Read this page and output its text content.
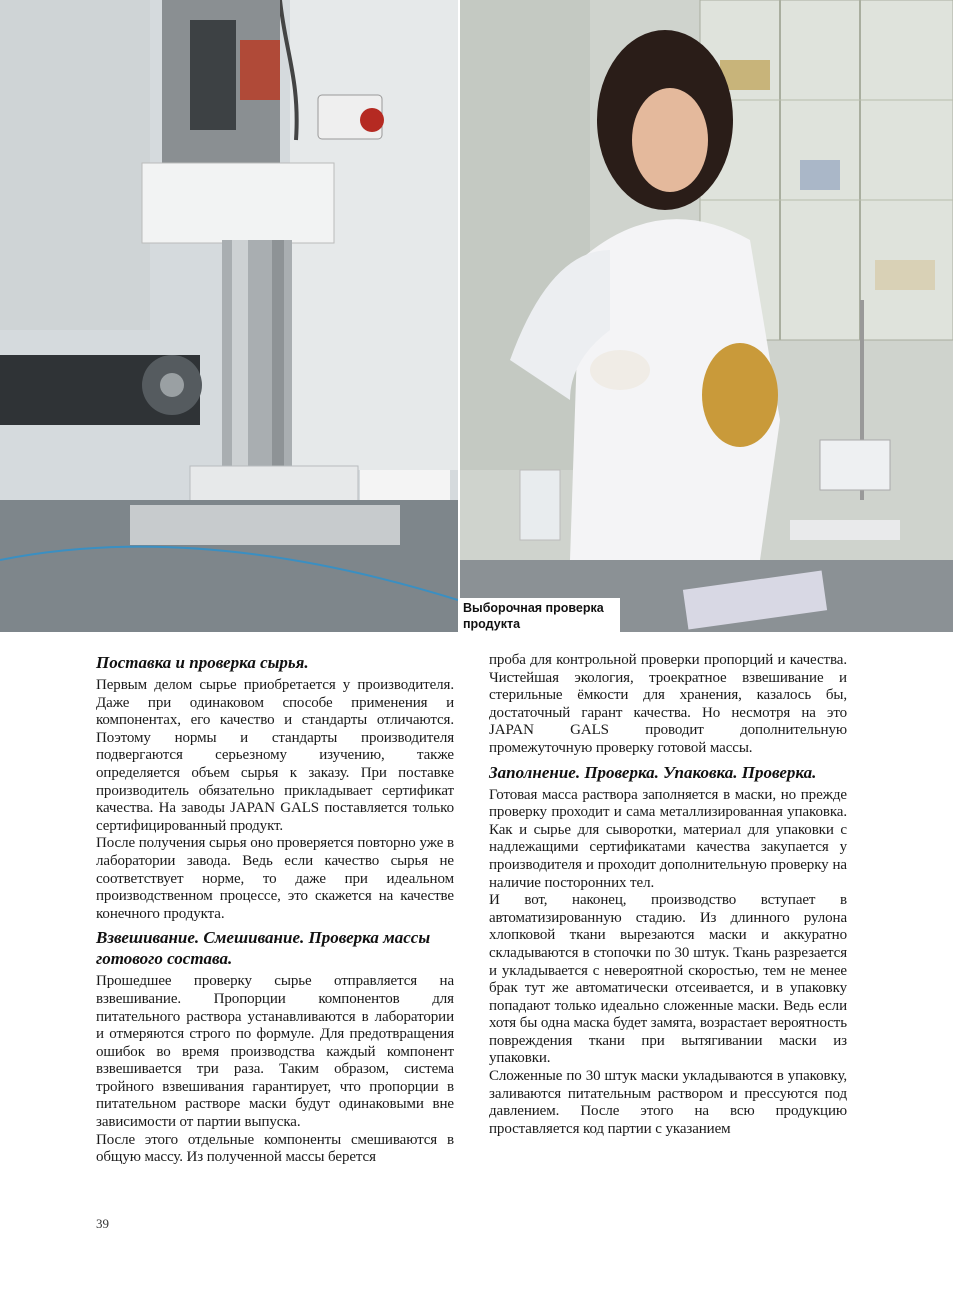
Выборочная проверка продукта
Поставка и проверка сырья.

Первым делом сырье приобретается у производителя. Даже при одинаковом способе применения и компонентах, его качество и стандарты отличаются. Поэтому нормы и стандарты производителя подвергаются серьезному изучению, также определяется объем сырья к заказу. При поставке производитель обязательно прикладывает сертификат качества. На заводы JAPAN GALS поставляется только сертифицированный продукт.

После получения сырья оно проверяется повторно уже в лаборатории завода. Ведь если качество сырья не соответствует норме, то даже при идеальном производственном процессе, это скажется на качестве конечного продукта.

Взвешивание. Смешивание. Проверка массы готового состава.

Прошедшее проверку сырье отправляется на взвешивание. Пропорции компонентов для питательного раствора устанавливаются в лаборатории и отмеряются строго по формуле. Для предотвращения ошибок во время производства каждый компонент взвешивается три раза. Таким образом, система тройного взвешивания гарантирует, что пропорции в питательном растворе маски будут одинаковыми вне зависимости от партии выпуска.

После этого отдельные компоненты смешиваются в общую массу. Из полученной массы берется

проба для контрольной проверки пропорций и качества. Чистейшая экология, троекратное взвешивание и стерильные ёмкости для хранения, казалось бы, достаточный гарант качества. Но несмотря на это JAPAN GALS проводит дополнительную промежуточную проверку готовой массы.

Заполнение. Проверка. Упаковка. Проверка.

Готовая масса раствора заполняется в маски, но прежде проверку проходит и сама металлизированная упаковка. Как и сырье для сыворотки, материал для упаковки с надлежащими сертификатами качества закупается у производителя и проходит дополнительную проверку на наличие посторонних тел.

И вот, наконец, производство вступает в автоматизированную стадию. Из длинного рулона хлопковой ткани вырезаются маски и аккуратно складываются в стопочки по 30 штук. Ткань разрезается и укладывается с невероятной скоростью, тем не менее брак тут же автоматически отсеивается, и в упаковку попадают только идеально сложенные маски. Ведь если хотя бы одна маска будет замята, возрастает вероятность повреждения ткани при вытягивании маски из упаковки.

Сложенные по 30 штук маски укладываются в упаковку, заливаются питательным раствором и прессуются под давлением. После этого на всю продукцию проставляется код партии с указанием

39
